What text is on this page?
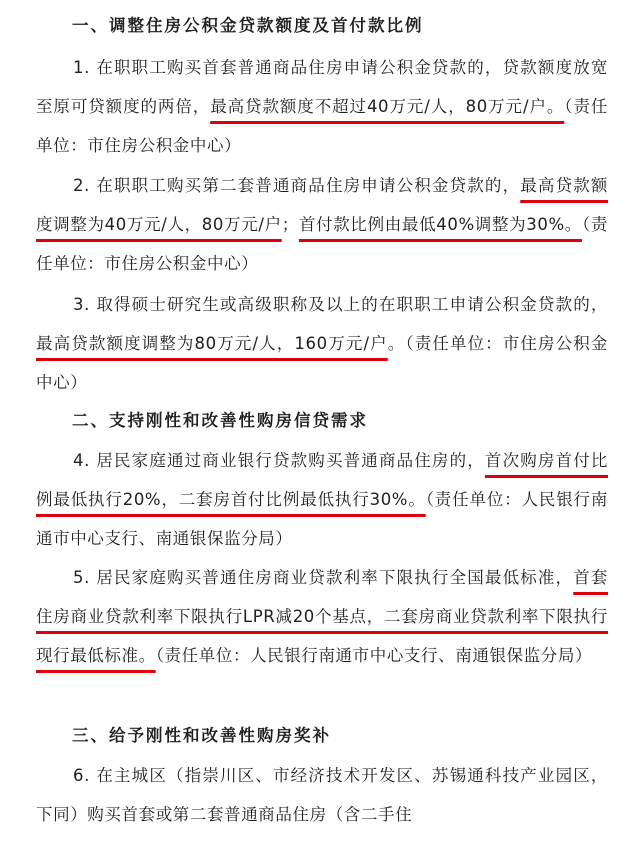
一、调整住房公积金贷款额度及首付款比例

1. 在职职工购买首套普通商品住房申请公积金贷款的，贷款额度放宽至原可贷额度的两倍，最高贷款额度不超过40万元/人，80万元/户。（责任单位：市住房公积金中心）

2. 在职职工购买第二套普通商品住房申请公积金贷款的，最高贷款额度调整为40万元/人，80万元/户；首付款比例由最低40%调整为30%。（责任单位：市住房公积金中心）

3. 取得硕士研究生或高级职称及以上的在职职工申请公积金贷款的，最高贷款额度调整为80万元/人，160万元/户。（责任单位：市住房公积金中心）

二、支持刚性和改善性购房信贷需求

4. 居民家庭通过商业银行贷款购买普通商品住房的，首次购房首付比例最低执行20%，二套房首付比例最低执行30%。（责任单位：人民银行南通市中心支行、南通银保监分局）

5. 居民家庭购买普通住房商业贷款利率下限执行全国最低标准，首套住房商业贷款利率下限执行LPR减20个基点，二套房商业贷款利率下限执行现行最低标准。（责任单位：人民银行南通市中心支行、南通银保监分局）

三、给予刚性和改善性购房奖补

6. 在主城区（指崇川区、市经济技术开发区、苏锡通科技产业园区，下同）购买首套或第二套普通商品住房（含二手住
